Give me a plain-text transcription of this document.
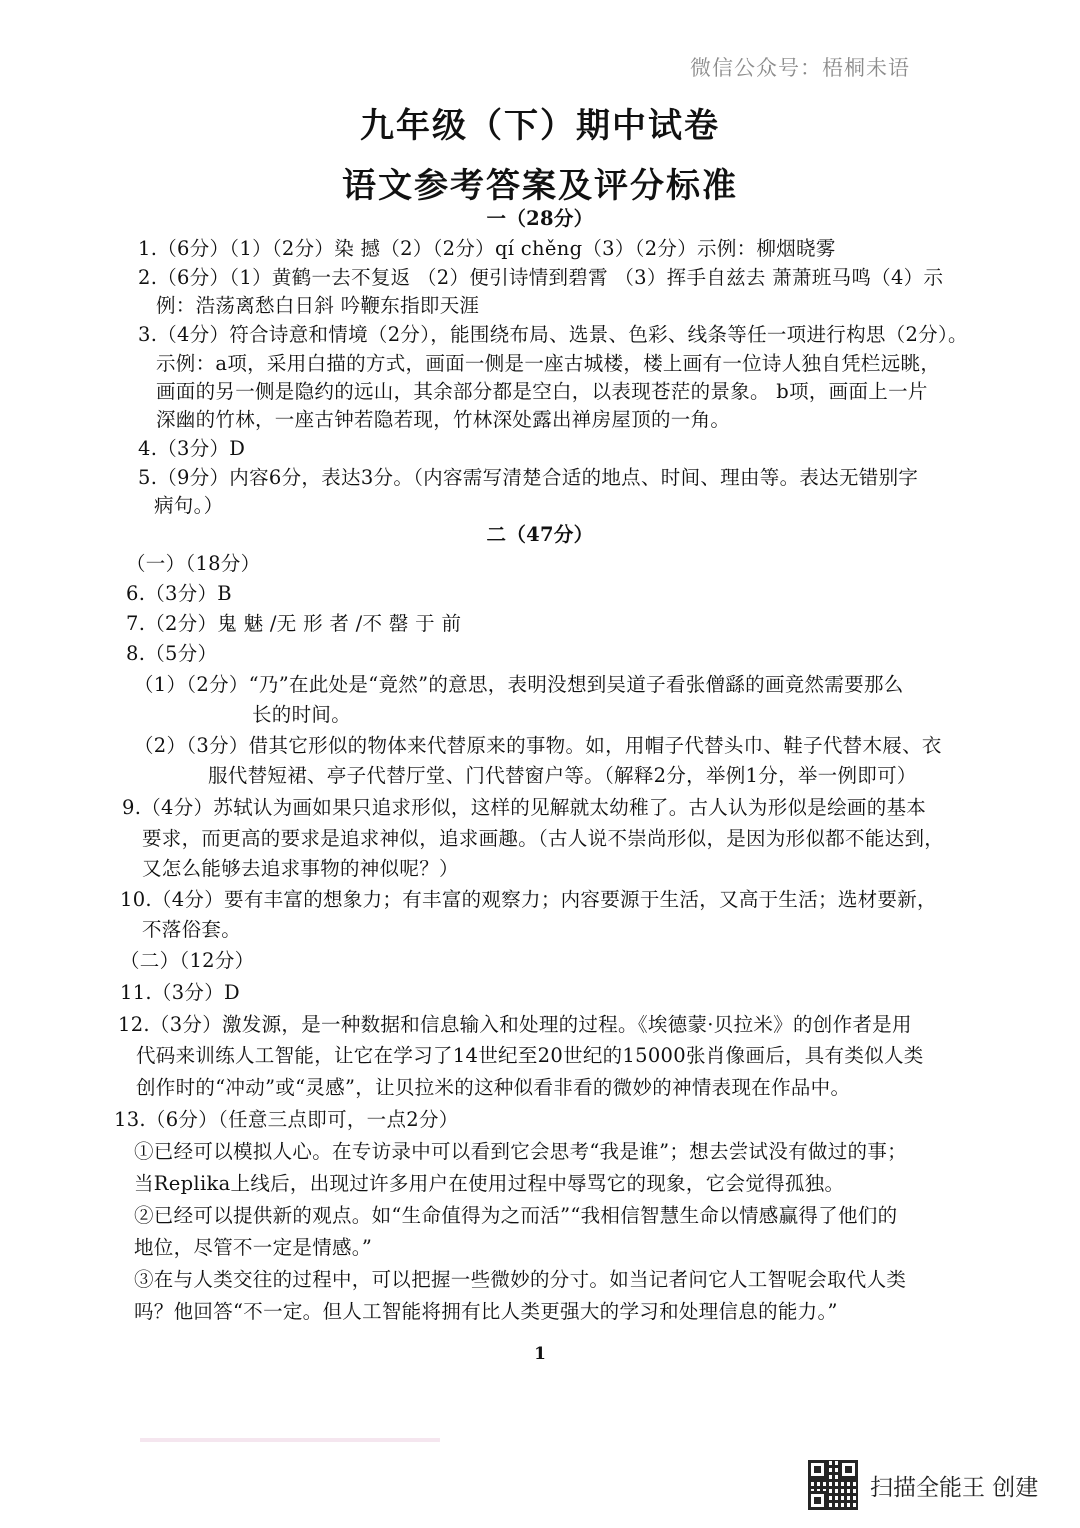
微信公众号：梧桐未语
九年级（下）期中试卷
语文参考答案及评分标准
一（28分）
1.（6分）（1）（2分）染 撼（2）（2分）qí chěng（3）（2分）示例：柳烟晓雾
2.（6分）（1）黄鹤一去不复返 （2）便引诗情到碧霄 （3）挥手自兹去 萧萧班马鸣（4）示
例：浩荡离愁白日斜 吟鞭东指即天涯
3.（4分）符合诗意和情境（2分），能围绕布局、选景、色彩、线条等任一项进行构思（2分）。
示例：a项，采用白描的方式，画面一侧是一座古城楼，楼上画有一位诗人独自凭栏远眺，
画面的另一侧是隐约的远山，其余部分都是空白，以表现苍茫的景象。 b项，画面上一片
深幽的竹林，一座古钟若隐若现，竹林深处露出禅房屋顶的一角。
4.（3分）D
5.（9分）内容6分，表达3分。（内容需写清楚合适的地点、时间、理由等。表达无错别字
病句。）
二（47分）
（一）（18分）
6.（3分）B
7.（2分）鬼 魅 /无 形 者 /不 罄 于 前
8.（5分）
（1）（2分）“乃”在此处是“竟然”的意思，表明没想到吴道子看张僧繇的画竟然需要那么
长的时间。
（2）（3分）借其它形似的物体来代替原来的事物。如，用帽子代替头巾、鞋子代替木屐、衣
服代替短裙、亭子代替厅堂、门代替窗户等。（解释2分，举例1分，举一例即可）
9.（4分）苏轼认为画如果只追求形似，这样的见解就太幼稚了。古人认为形似是绘画的基本
要求，而更高的要求是追求神似，追求画趣。（古人说不崇尚形似，是因为形似都不能达到，
又怎么能够去追求事物的神似呢？）
10.（4分）要有丰富的想象力；有丰富的观察力；内容要源于生活，又高于生活；选材要新，
不落俗套。
（二）（12分）
11.（3分）D
12.（3分）激发源，是一种数据和信息输入和处理的过程。《埃德蒙·贝拉米》的创作者是用
代码来训练人工智能，让它在学习了14世纪至20世纪的15000张肖像画后，具有类似人类
创作时的“冲动”或“灵感”，让贝拉米的这种似看非看的微妙的神情表现在作品中。
13.（6分）（任意三点即可，一点2分）
①已经可以模拟人心。在专访录中可以看到它会思考“我是谁”；想去尝试没有做过的事；
当Replika上线后，出现过许多用户在使用过程中辱骂它的现象，它会觉得孤独。
②已经可以提供新的观点。如“生命值得为之而活”“我相信智慧生命以情感赢得了他们的
地位，尽管不一定是情感。”
③在与人类交往的过程中，可以把握一些微妙的分寸。如当记者问它人工智呢会取代人类
吗？他回答“不一定。但人工智能将拥有比人类更强大的学习和处理信息的能力。”
1
扫描全能王 创建
